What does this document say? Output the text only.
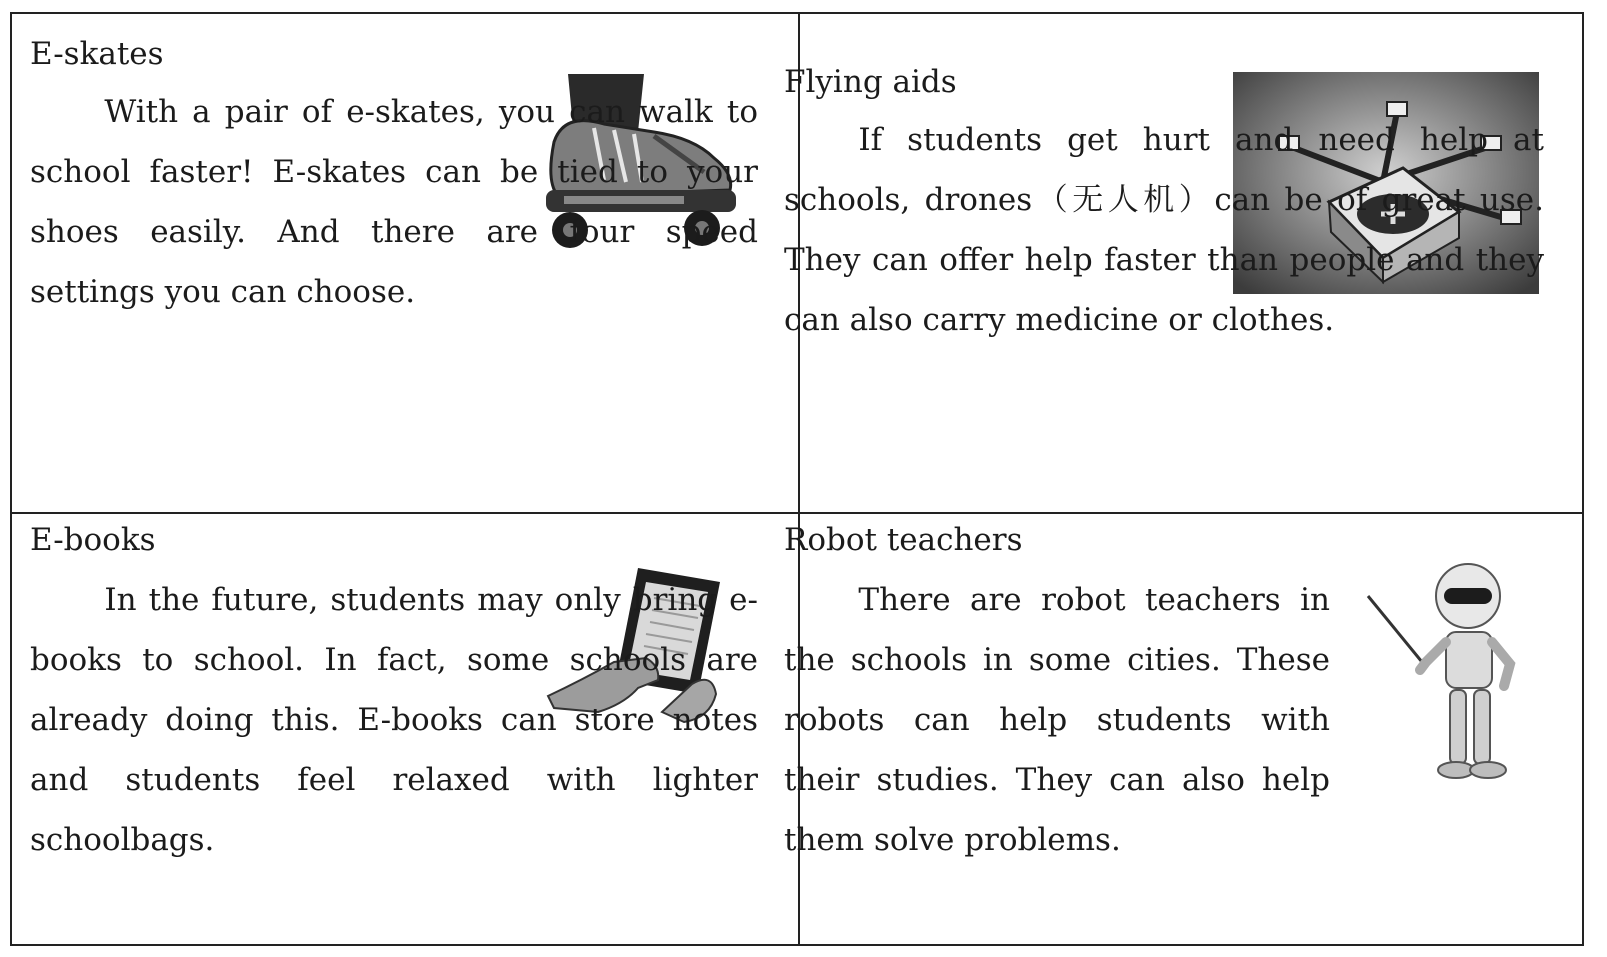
E-skates
With a pair of e-skates, you can walk to school faster! E-skates can be tied to your shoes easily. And there are four speed settings you can choose.
Flying aids
If students get hurt and need help at schools, drones（无人机）can be of great use. They can offer help faster than people and they can also carry medicine or clothes.
E-books
In the future, students may only bring e-books to school. In fact, some schools are already doing this. E-books can store notes and students feel relaxed with lighter schoolbags.
Robot teachers
There are robot teachers in the schools in some cities. These robots can help students with their studies. They can also help them solve problems.
